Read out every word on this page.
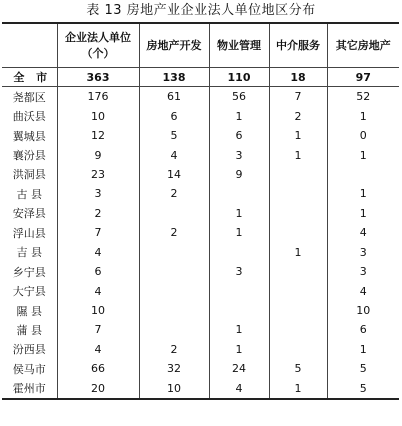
表 13 房地产业企业法人单位地区分布

	企业法人单位
（个）	房地产开发	物业管理	中介服务	其它房地产
全 市	363	138	110	18	97
尧都区	176	61	56	7	52
曲沃县	10	6	1	2	1
翼城县	12	5	6	1	0
襄汾县	9	4	3	1	1
洪洞县	23	14	9		
古 县	3	2			1
安泽县	2		1		1
浮山县	7	2	1		4
吉 县	4			1	3
乡宁县	6		3		3
大宁县	4				4
隰 县	10				10
蒲 县	7		1		6
汾西县	4	2	1		1
侯马市	66	32	24	5	5
霍州市	20	10	4	1	5
